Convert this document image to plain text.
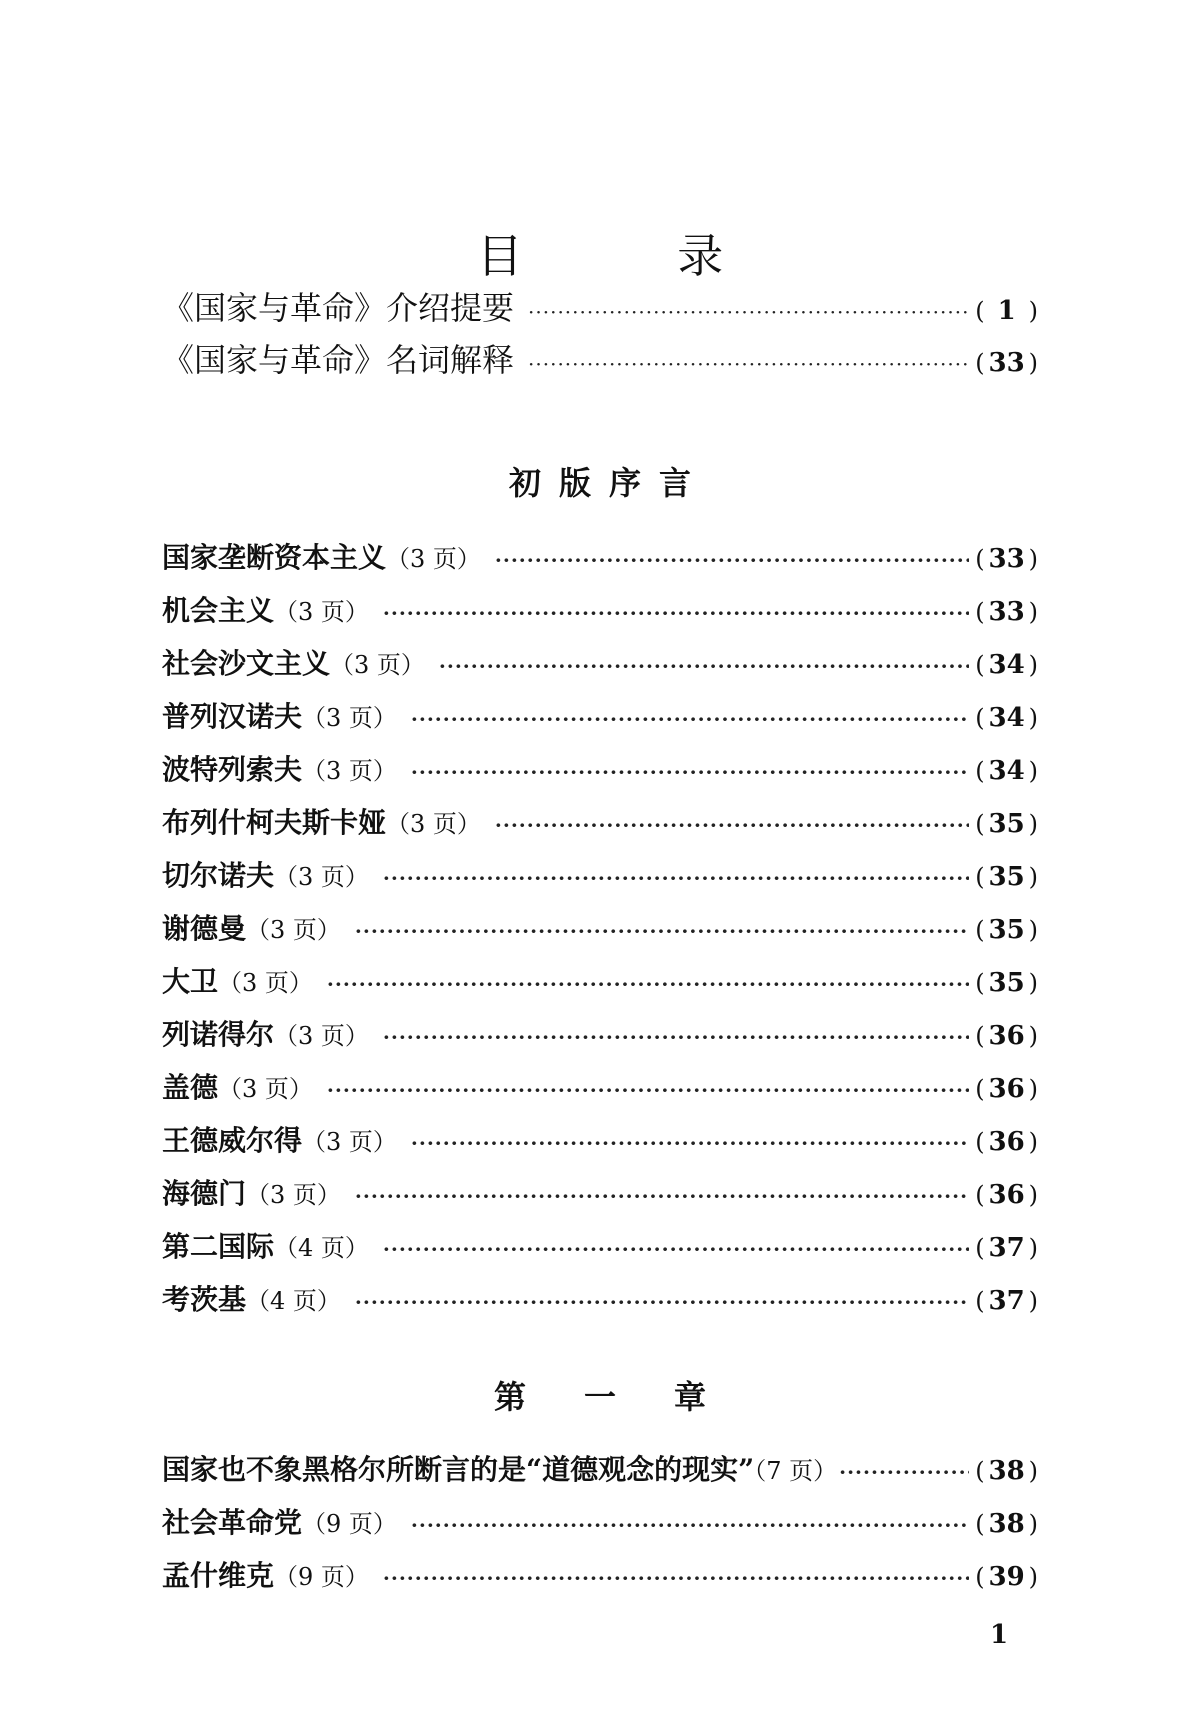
目 录
《国家与革命》介绍提要 ·····	( 1 )
《国家与革命》名词解释 ·····	( 33 )
初版序言
国家垄断资本主义（3 页） ·····	( 33 )
机会主义（3 页） ·····	( 33 )
社会沙文主义（3 页） ·····	( 34 )
普列汉诺夫（3 页） ·····	( 34 )
波特列索夫（3 页） ·····	( 34 )
布列什柯夫斯卡娅（3 页） ·····	( 35 )
切尔诺夫（3 页） ·····	( 35 )
谢德曼（3 页） ·····	( 35 )
大卫（3 页） ·····	( 35 )
列诺得尔（3 页） ·····	( 36 )
盖德（3 页） ·····	( 36 )
王德威尔得（3 页） ·····	( 36 )
海德门（3 页） ·····	( 36 )
第二国际（4 页） ·····	( 37 )
考茨基（4 页） ·····	( 37 )
第一章
国家也不象黑格尔所断言的是“道德观念的现实”（7 页） ·····	( 38 )
社会革命党（9 页） ·····	( 38 )
孟什维克（9 页） ·····	( 39 )
1
